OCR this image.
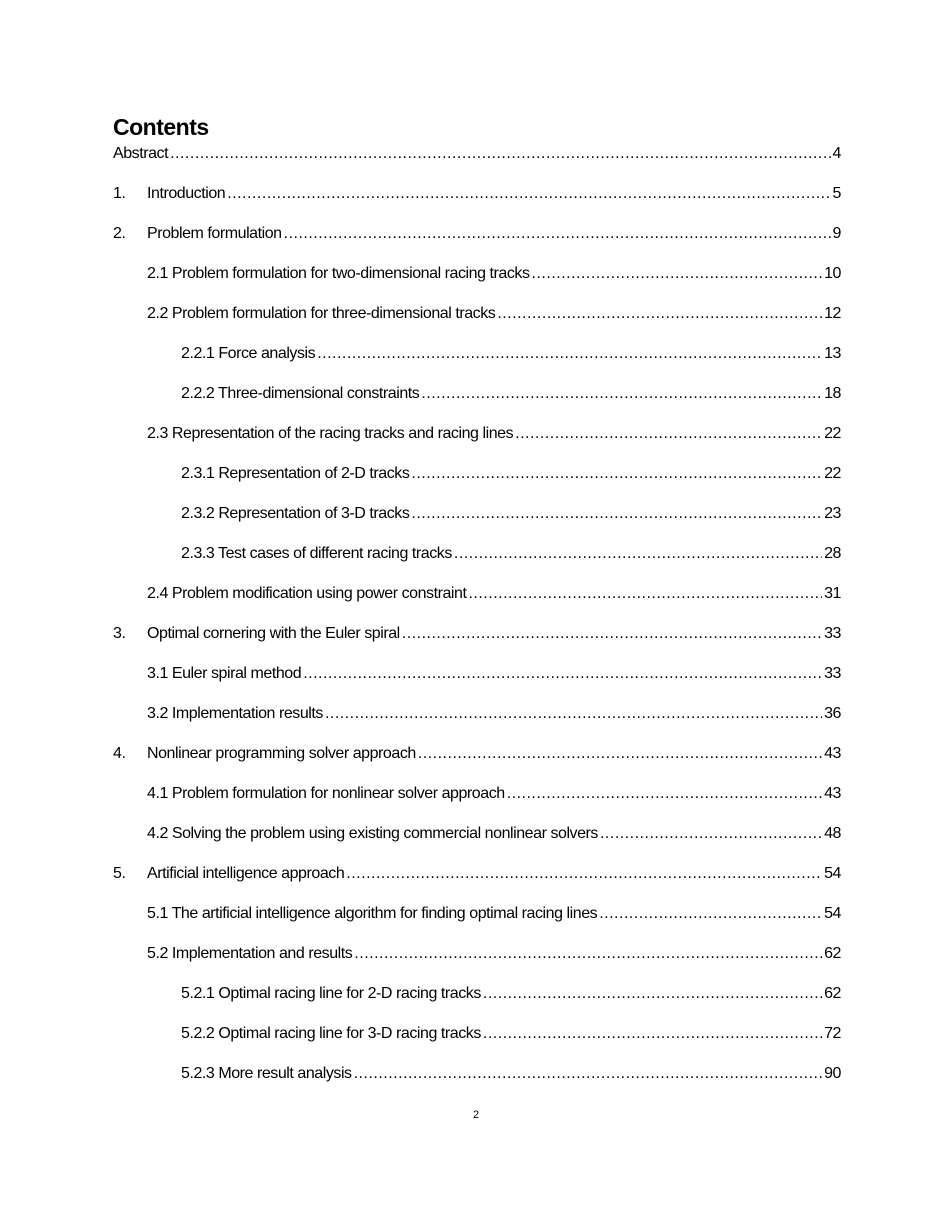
Contents
Abstract .....	4
1.	Introduction .....	5
2.	Problem formulation .....	9
2.1 Problem formulation for two-dimensional racing tracks .....	10
2.2 Problem formulation for three-dimensional tracks .....	12
2.2.1 Force analysis .....	13
2.2.2 Three-dimensional constraints .....	18
2.3 Representation of the racing tracks and racing lines .....	22
2.3.1 Representation of 2-D tracks .....	22
2.3.2 Representation of 3-D tracks .....	23
2.3.3 Test cases of different racing tracks .....	28
2.4 Problem modification using power constraint .....	31
3.	Optimal cornering with the Euler spiral .....	33
3.1 Euler spiral method .....	33
3.2 Implementation results .....	36
4.	Nonlinear programming solver approach .....	43
4.1 Problem formulation for nonlinear solver approach .....	43
4.2 Solving the problem using existing commercial nonlinear solvers .....	48
5.	Artificial intelligence approach .....	54
5.1 The artificial intelligence algorithm for finding optimal racing lines .....	54
5.2 Implementation and results .....	62
5.2.1 Optimal racing line for 2-D racing tracks .....	62
5.2.2 Optimal racing line for 3-D racing tracks .....	72
5.2.3 More result analysis .....	90
2
